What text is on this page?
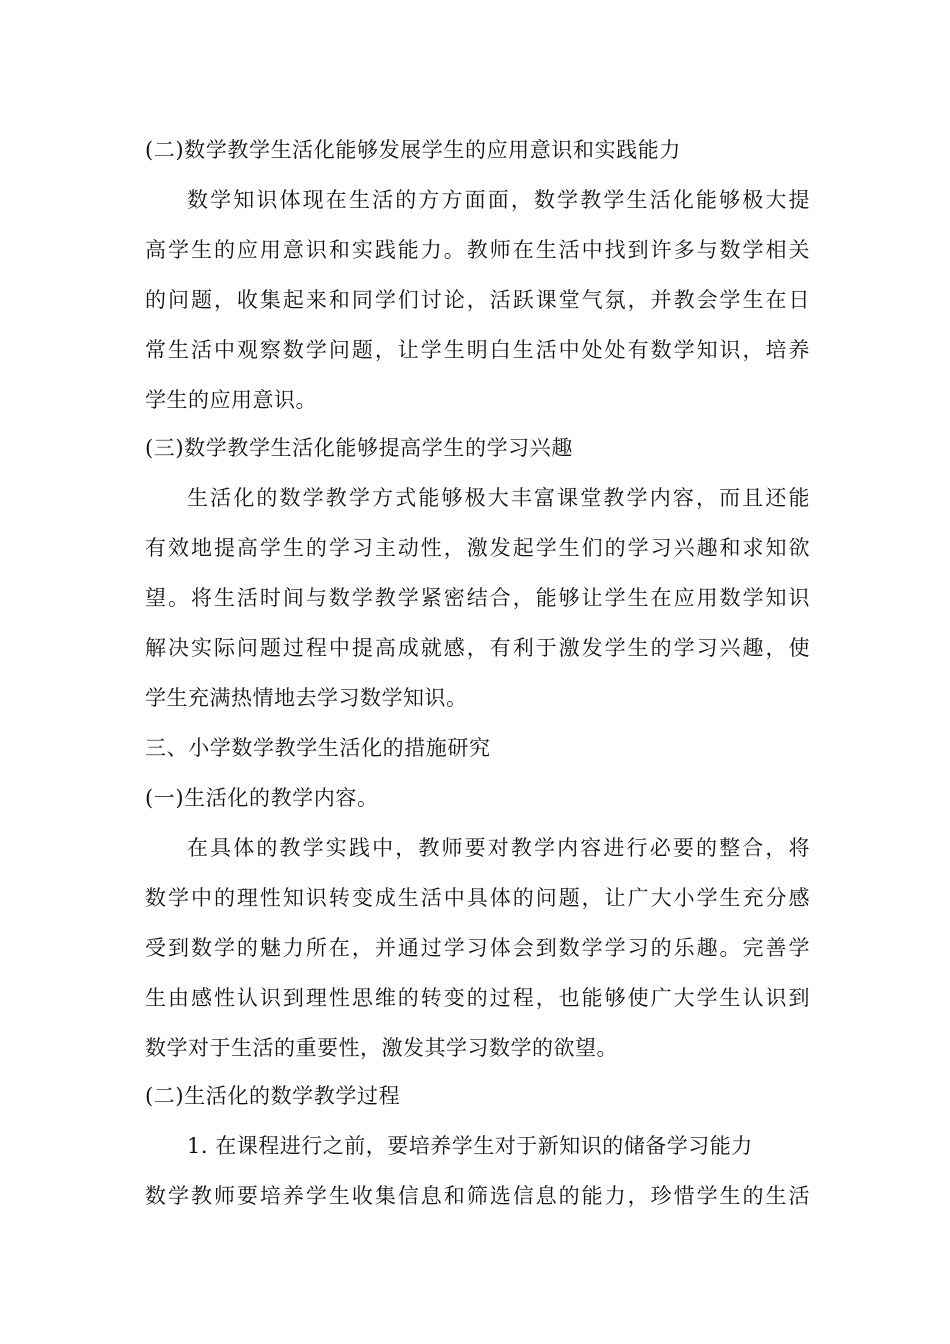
(二)数学教学生活化能够发展学生的应用意识和实践能力
数学知识体现在生活的方方面面，数学教学生活化能够极大提
高学生的应用意识和实践能力。教师在生活中找到许多与数学相关
的问题，收集起来和同学们讨论，活跃课堂气氛，并教会学生在日
常生活中观察数学问题，让学生明白生活中处处有数学知识，培养
学生的应用意识。
(三)数学教学生活化能够提高学生的学习兴趣
生活化的数学教学方式能够极大丰富课堂教学内容，而且还能
有效地提高学生的学习主动性，激发起学生们的学习兴趣和求知欲
望。将生活时间与数学教学紧密结合，能够让学生在应用数学知识
解决实际问题过程中提高成就感，有利于激发学生的学习兴趣，使
学生充满热情地去学习数学知识。
三、小学数学教学生活化的措施研究
(一)生活化的教学内容。
在具体的教学实践中，教师要对教学内容进行必要的整合，将
数学中的理性知识转变成生活中具体的问题，让广大小学生充分感
受到数学的魅力所在，并通过学习体会到数学学习的乐趣。完善学
生由感性认识到理性思维的转变的过程，也能够使广大学生认识到
数学对于生活的重要性，激发其学习数学的欲望。
(二)生活化的数学教学过程
1. 在课程进行之前，要培养学生对于新知识的储备学习能力
数学教师要培养学生收集信息和筛选信息的能力，珍惜学生的生活
